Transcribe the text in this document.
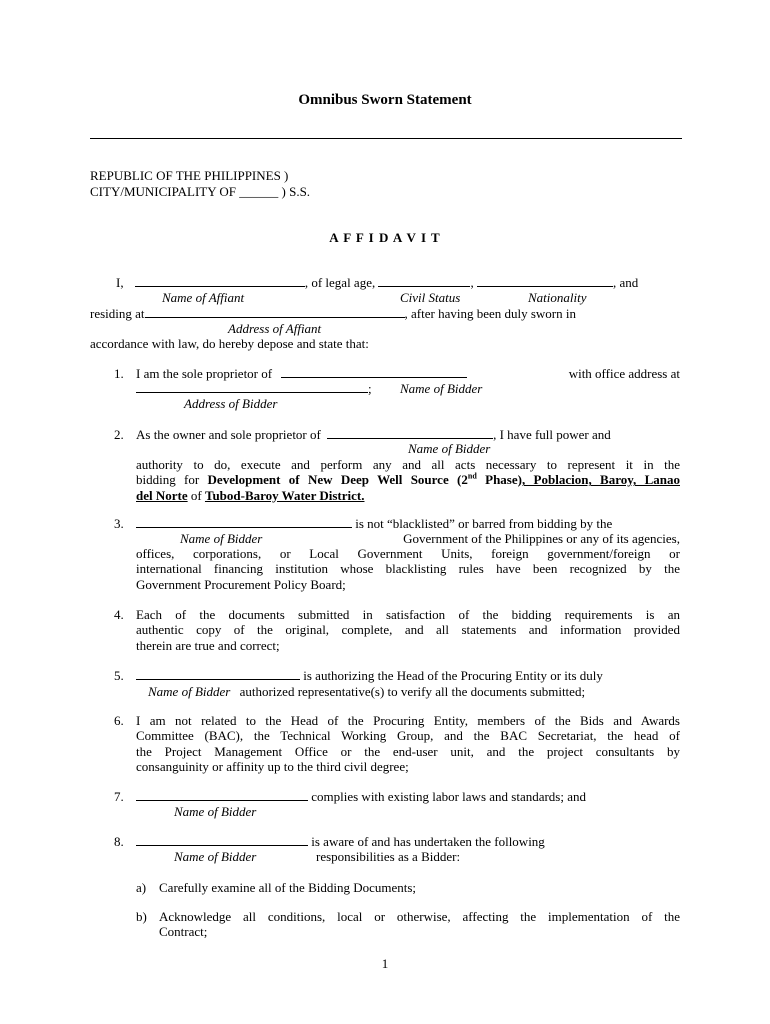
Omnibus Sworn Statement
REPUBLIC OF THE PHILIPPINES )
CITY/MUNICIPALITY OF ______ ) S.S.
A F F I D A V I T
I,	, of legal age,	,	, and
Name of Affiant	Civil Status	Nationality
residing at	, after having been duly sworn in
Address of Affiant
accordance with law, do hereby depose and state that:
1. I am the sole proprietor of	with office address at
; Name of Bidder
Address of Bidder
2. As the owner and sole proprietor of	, I have full power and
Name of Bidder
authority to do, execute and perform any and all acts necessary to represent it in the
bidding for Development of New Deep Well Source (2nd Phase), Poblacion, Baroy, Lanao
del Norte of Tubod-Baroy Water District.
3.	is not “blacklisted” or barred from bidding by the
Name of Bidder	Government of the Philippines or any of its agencies,
offices, corporations, or Local Government Units, foreign government/foreign or
international financing institution whose blacklisting rules have been recognized by the
Government Procurement Policy Board;
4. Each of the documents submitted in satisfaction of the bidding requirements is an
authentic copy of the original, complete, and all statements and information provided
therein are true and correct;
5.	is authorizing the Head of the Procuring Entity or its duly
Name of Bidder authorized representative(s) to verify all the documents submitted;
6. I am not related to the Head of the Procuring Entity, members of the Bids and Awards
Committee (BAC), the Technical Working Group, and the BAC Secretariat, the head of
the Project Management Office or the end-user unit, and the project consultants by
consanguinity or affinity up to the third civil degree;
7.	complies with existing labor laws and standards; and
Name of Bidder
8.	is aware of and has undertaken the following
Name of Bidder	responsibilities as a Bidder:
a) Carefully examine all of the Bidding Documents;
b) Acknowledge all conditions, local or otherwise, affecting the implementation of the
Contract;
1
